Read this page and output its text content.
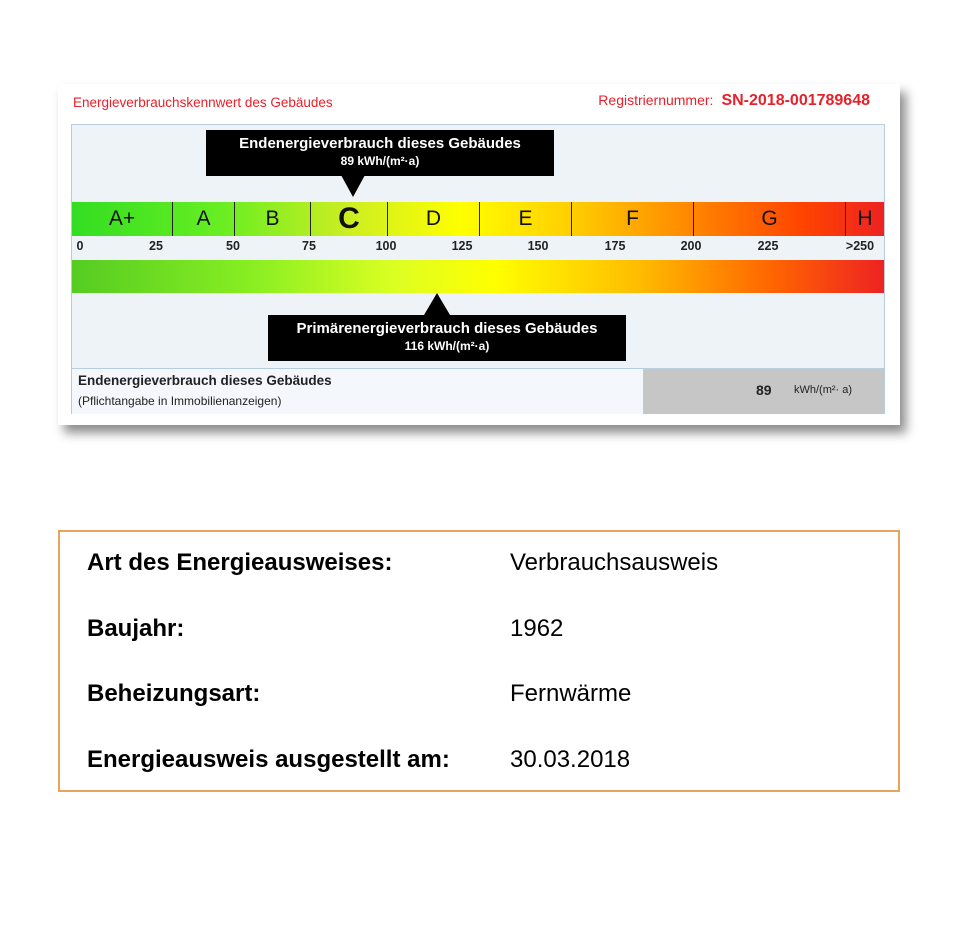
Energieverbrauchskennwert des Gebäudes	Registriernummer: SN-2018-001789648
Endenergieverbrauch dieses Gebäudes
89 kWh/(m²·a)
A+	A	B	C	D	E	F	G	H
0	25	50	75	100	125	150	175	200	225	>250
Primärenergieverbrauch dieses Gebäudes
116 kWh/(m²·a)
Endenergieverbrauch dieses Gebäudes
(Pflichtangabe in Immobilienanzeigen)
89 kWh/(m²· a)
Art des Energieausweises:	Verbrauchsausweis
Baujahr:	1962
Beheizungsart:	Fernwärme
Energieausweis ausgestellt am:	30.03.2018
